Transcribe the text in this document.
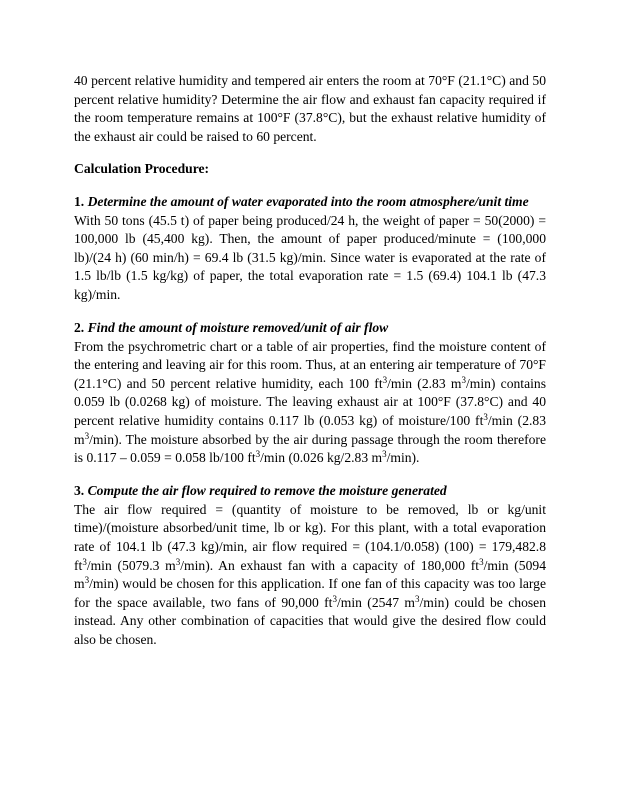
40 percent relative humidity and tempered air enters the room at 70°F (21.1°C) and 50 percent relative humidity? Determine the air flow and exhaust fan capacity required if the room temperature remains at 100°F (37.8°C), but the exhaust relative humidity of the exhaust air could be raised to 60 percent.

Calculation Procedure:

1. Determine the amount of water evaporated into the room atmosphere/unit time

With 50 tons (45.5 t) of paper being produced/24 h, the weight of paper = 50(2000) = 100,000 lb (45,400 kg). Then, the amount of paper produced/minute = (100,000 lb)/(24 h) (60 min/h) = 69.4 lb (31.5 kg)/min. Since water is evaporated at the rate of 1.5 lb/lb (1.5 kg/kg) of paper, the total evaporation rate = 1.5 (69.4) 104.1 lb (47.3 kg)/min.

2. Find the amount of moisture removed/unit of air flow

From the psychrometric chart or a table of air properties, find the moisture content of the entering and leaving air for this room. Thus, at an entering air temperature of 70°F (21.1°C) and 50 percent relative humidity, each 100 $ft^3/\min$ (2.83 $m^3/\min$) contains 0.059 lb (0.0268 kg) of moisture. The leaving exhaust air at 100°F (37.8°C) and 40 percent relative humidity contains 0.117 lb (0.053 kg) of moisture/100 $ft^3/\min$ (2.83 $m^3/\min$). The moisture absorbed by the air during passage through the room therefore is 0.117 – 0.059 = 0.058 lb/100 $ft^3/\min$ (0.026 kg/2.83 $m^3/\min$).

3. Compute the air flow required to remove the moisture generated

The air flow required = (quantity of moisture to be removed, lb or kg/unit time)/(moisture absorbed/unit time, lb or kg). For this plant, with a total evaporation rate of 104.1 lb (47.3 kg)/min, air flow required = (104.1/0.058) (100) = 179,482.8 $ft^3/\min$ (5079.3 $m^3/\min$). An exhaust fan with a capacity of 180,000 $ft^3/\min$ (5094 $m^3/\min$) would be chosen for this application. If one fan of this capacity was too large for the space available, two fans of 90,000 $ft^3/\min$ (2547 $m^3/\min$) could be chosen instead. Any other combination of capacities that would give the desired flow could also be chosen.
